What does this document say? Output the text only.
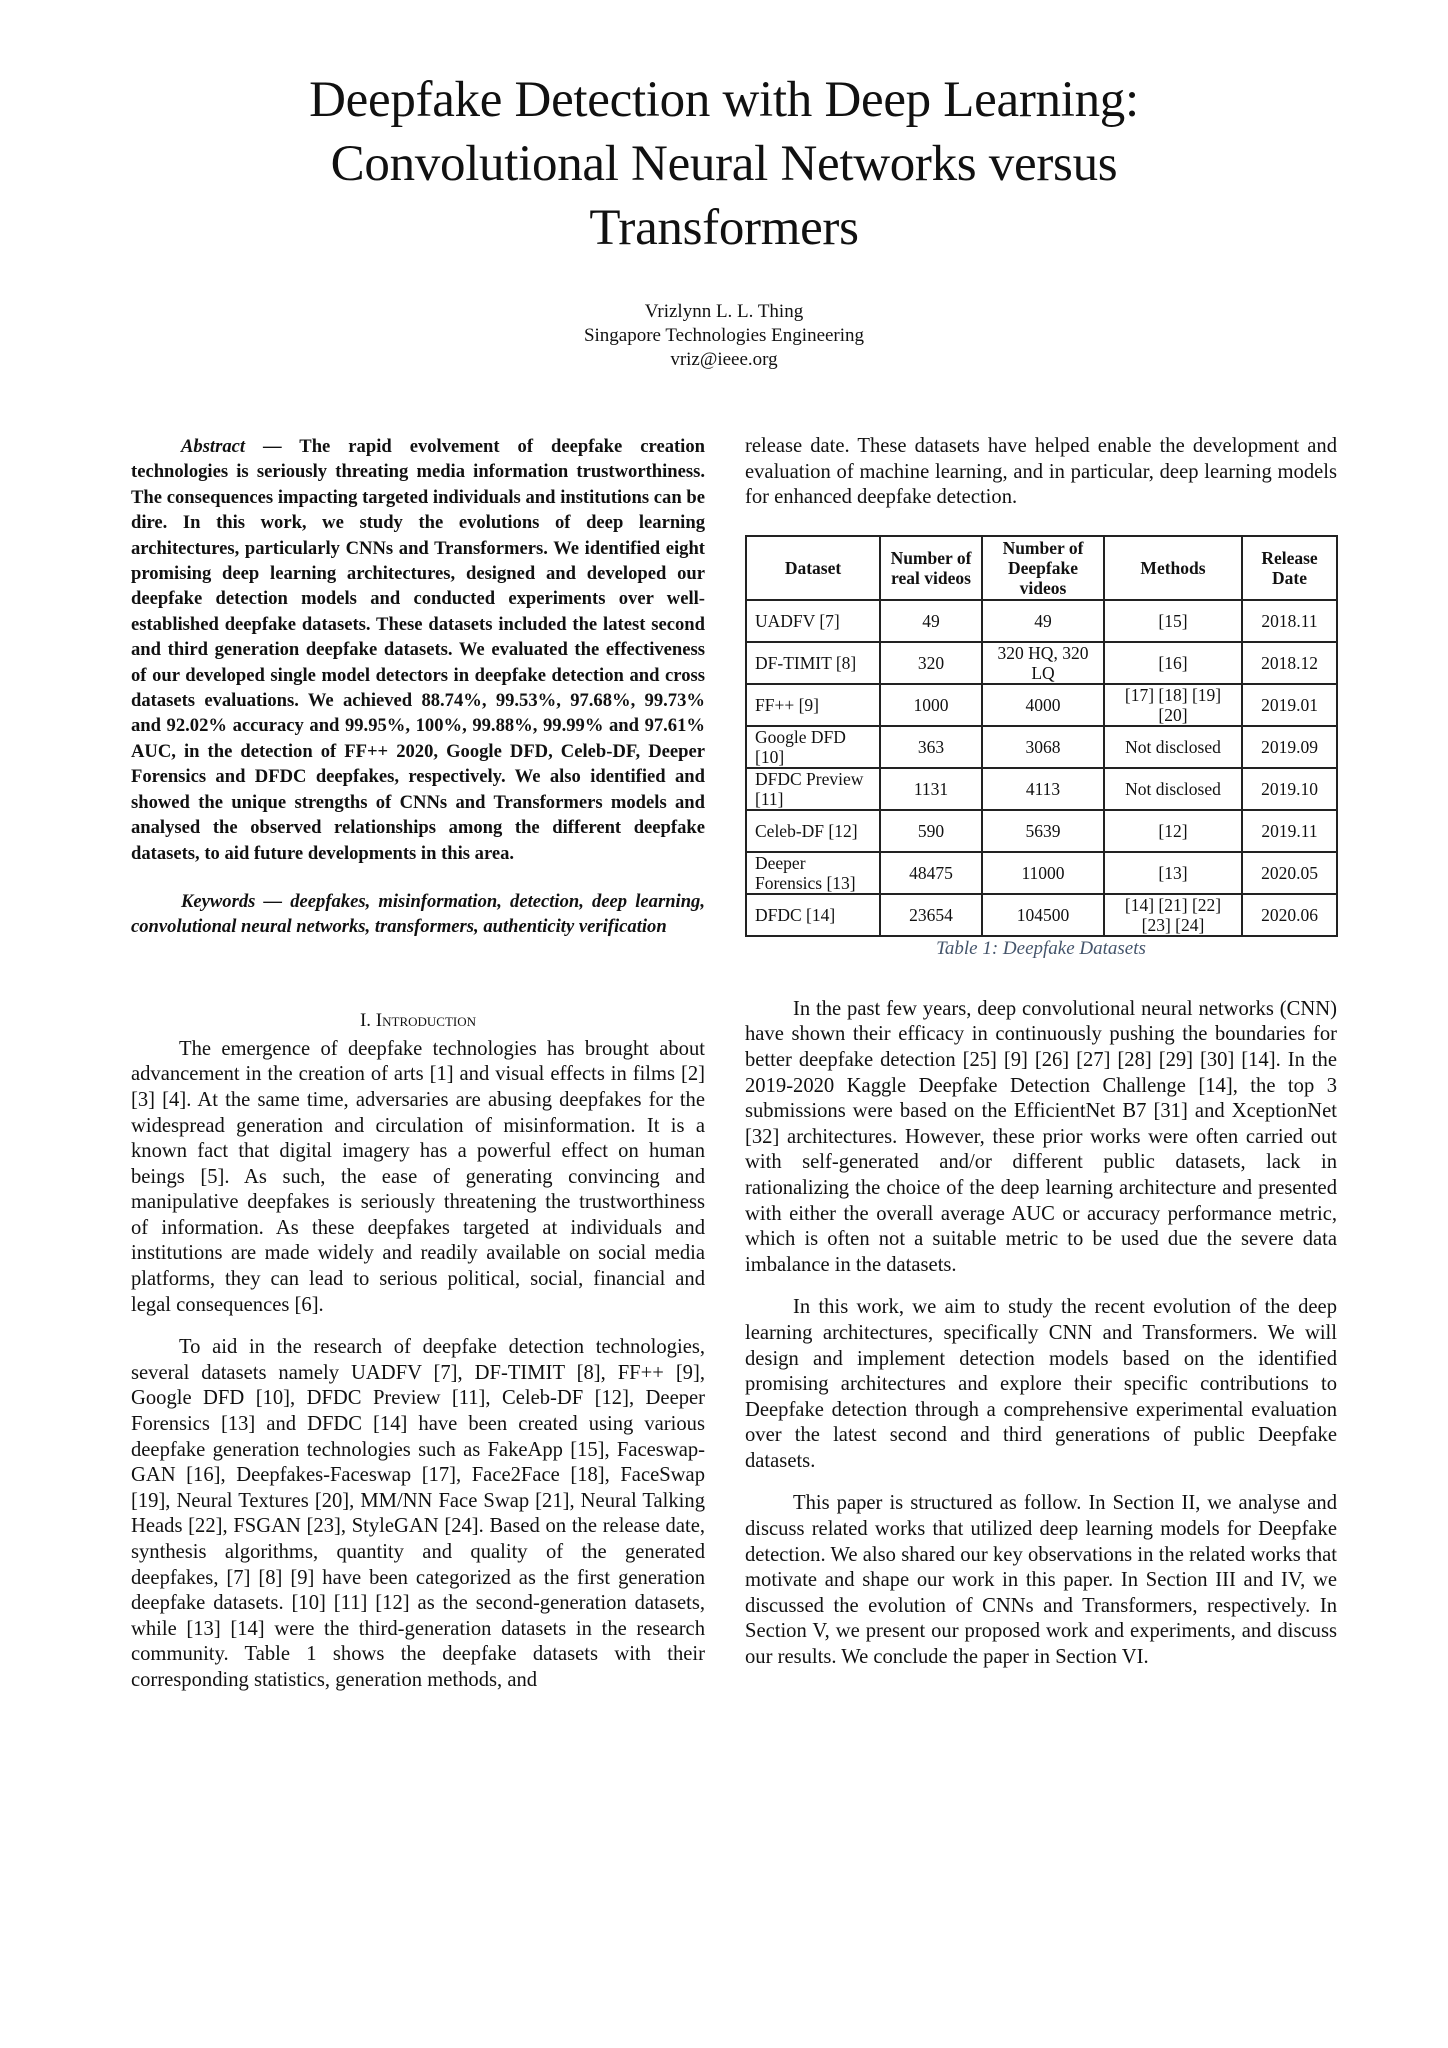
Deepfake Detection with Deep Learning:
Convolutional Neural Networks versus
Transformers
Vrizlynn L. L. Thing
Singapore Technologies Engineering
vriz@ieee.org

Abstract — The rapid evolvement of deepfake creation technologies is seriously threating media information trustworthiness. The consequences impacting targeted individuals and institutions can be dire. In this work, we study the evolutions of deep learning architectures, particularly CNNs and Transformers. We identified eight promising deep learning architectures, designed and developed our deepfake detection models and conducted experiments over well-established deepfake datasets. These datasets included the latest second and third generation deepfake datasets. We evaluated the effectiveness of our developed single model detectors in deepfake detection and cross datasets evaluations. We achieved 88.74%, 99.53%, 97.68%, 99.73% and 92.02% accuracy and 99.95%, 100%, 99.88%, 99.99% and 97.61% AUC, in the detection of FF++ 2020, Google DFD, Celeb-DF, Deeper Forensics and DFDC deepfakes, respectively. We also identified and showed the unique strengths of CNNs and Transformers models and analysed the observed relationships among the different deepfake datasets, to aid future developments in this area.

Keywords — deepfakes, misinformation, detection, deep learning, convolutional neural networks, transformers, authenticity verification

I. Introduction

The emergence of deepfake technologies has brought about advancement in the creation of arts [1] and visual effects in films [2] [3] [4]. At the same time, adversaries are abusing deepfakes for the widespread generation and circulation of misinformation. It is a known fact that digital imagery has a powerful effect on human beings [5]. As such, the ease of generating convincing and manipulative deepfakes is seriously threatening the trustworthiness of information. As these deepfakes targeted at individuals and institutions are made widely and readily available on social media platforms, they can lead to serious political, social, financial and legal consequences [6].

To aid in the research of deepfake detection technologies, several datasets namely UADFV [7], DF-TIMIT [8], FF++ [9], Google DFD [10], DFDC Preview [11], Celeb-DF [12], Deeper Forensics [13] and DFDC [14] have been created using various deepfake generation technologies such as FakeApp [15], Faceswap-GAN [16], Deepfakes-Faceswap [17], Face2Face [18], FaceSwap [19], Neural Textures [20], MM/NN Face Swap [21], Neural Talking Heads [22], FSGAN [23], StyleGAN [24]. Based on the release date, synthesis algorithms, quantity and quality of the generated deepfakes, [7] [8] [9] have been categorized as the first generation deepfake datasets. [10] [11] [12] as the second-generation datasets, while [13] [14] were the third-generation datasets in the research community. Table 1 shows the deepfake datasets with their corresponding statistics, generation methods, and

release date. These datasets have helped enable the development and evaluation of machine learning, and in particular, deep learning models for enhanced deepfake detection.

Dataset	Number of real videos	Number of Deepfake videos	Methods	Release Date
UADFV [7]	49	49	[15]	2018.11
DF-TIMIT [8]	320	320 HQ, 320 LQ	[16]	2018.12
FF++ [9]	1000	4000	[17] [18] [19] [20]	2019.01
Google DFD [10]	363	3068	Not disclosed	2019.09
DFDC Preview [11]	1131	4113	Not disclosed	2019.10
Celeb-DF [12]	590	5639	[12]	2019.11
Deeper Forensics [13]	48475	11000	[13]	2020.05
DFDC [14]	23654	104500	[14] [21] [22] [23] [24]	2020.06
Table 1: Deepfake Datasets

In the past few years, deep convolutional neural networks (CNN) have shown their efficacy in continuously pushing the boundaries for better deepfake detection [25] [9] [26] [27] [28] [29] [30] [14]. In the 2019-2020 Kaggle Deepfake Detection Challenge [14], the top 3 submissions were based on the EfficientNet B7 [31] and XceptionNet [32] architectures. However, these prior works were often carried out with self-generated and/or different public datasets, lack in rationalizing the choice of the deep learning architecture and presented with either the overall average AUC or accuracy performance metric, which is often not a suitable metric to be used due the severe data imbalance in the datasets.

In this work, we aim to study the recent evolution of the deep learning architectures, specifically CNN and Transformers. We will design and implement detection models based on the identified promising architectures and explore their specific contributions to Deepfake detection through a comprehensive experimental evaluation over the latest second and third generations of public Deepfake datasets.

This paper is structured as follow. In Section II, we analyse and discuss related works that utilized deep learning models for Deepfake detection. We also shared our key observations in the related works that motivate and shape our work in this paper. In Section III and IV, we discussed the evolution of CNNs and Transformers, respectively. In Section V, we present our proposed work and experiments, and discuss our results. We conclude the paper in Section VI.
